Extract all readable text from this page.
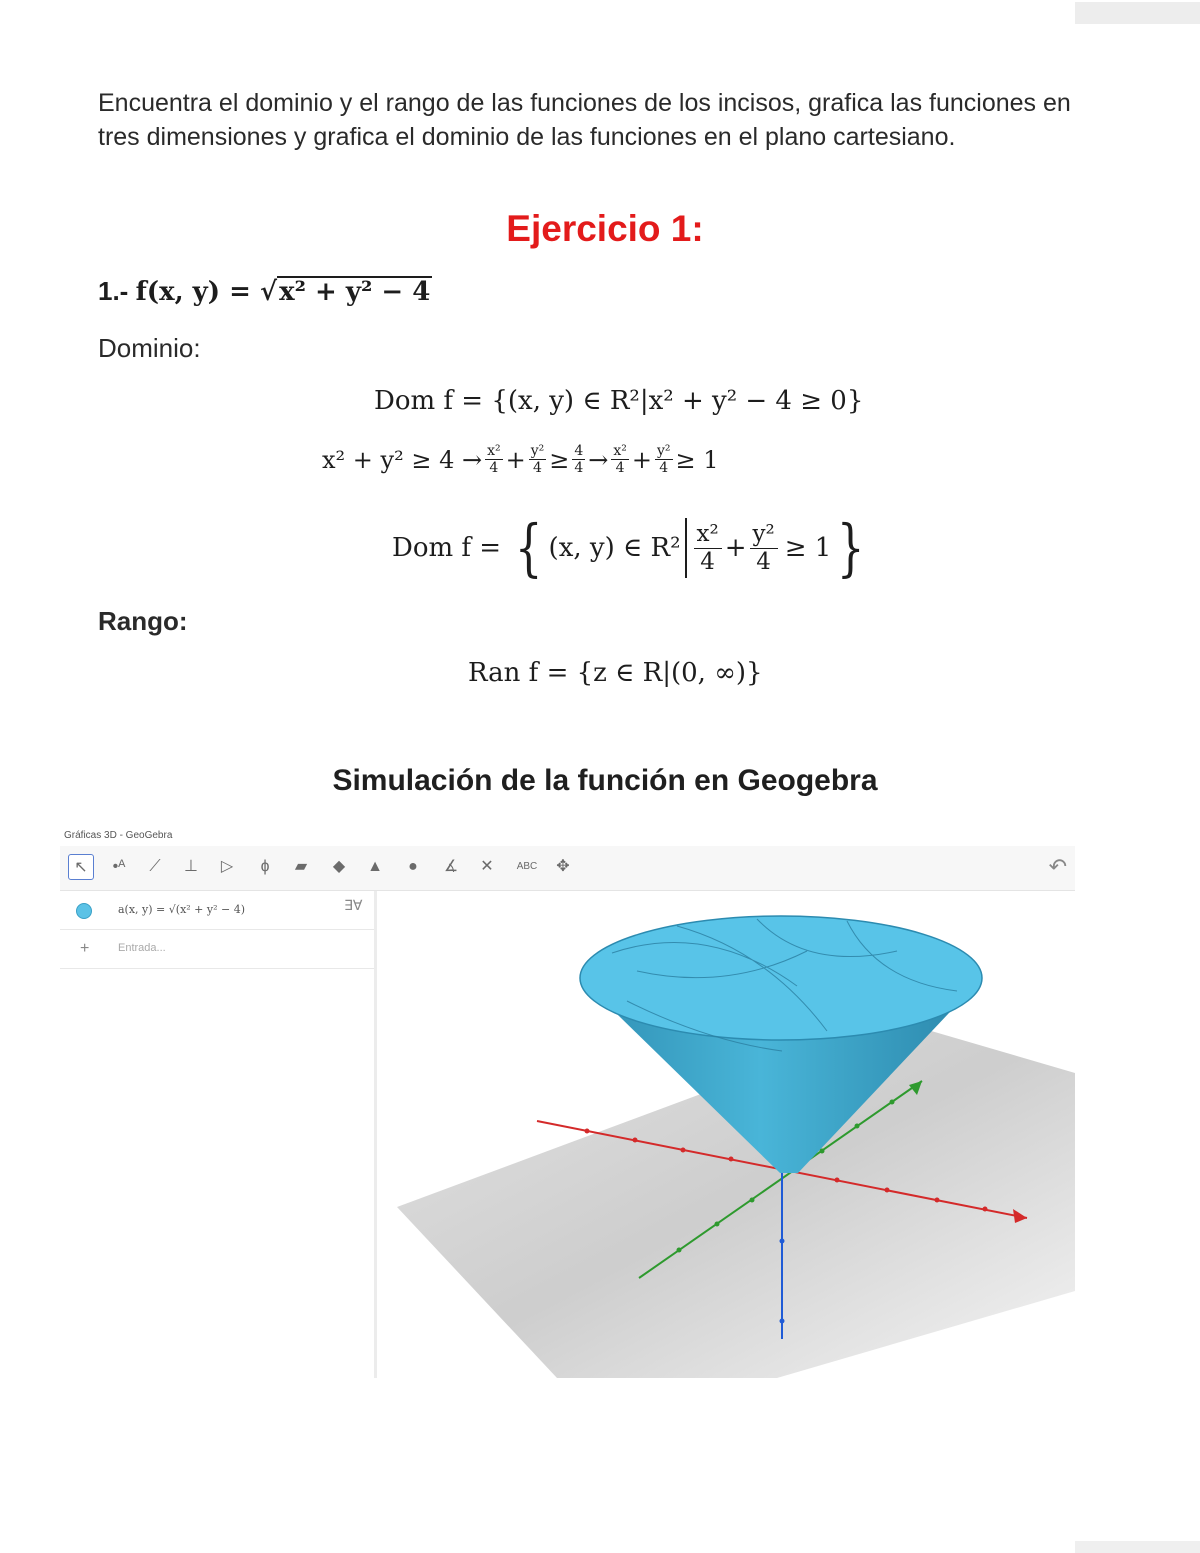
Encuentra el dominio y el rango de las funciones de los incisos, grafica las funciones en tres dimensiones y grafica el dominio de las funciones en el plano cartesiano.
Ejercicio 1:
1.- f(x, y) = √x² + y² − 4
Dominio:
Dom f = {(x, y) ∈ R²|x² + y² − 4 ≥ 0}
$x^2 + y^2 \ge 4 \to \frac{\text{x²}}{4} + \frac{\text{y²}}{4} \ge \frac{4}{4} \to \frac{\text{x²}}{4} + \frac{\text{y²}}{4} \ge 1$
Dom f = { (x, y) ∈ $R^2 \frac{\text{x²}}{4} + \frac{\text{y²}}{4} \ge 1$ }
Rango:
Ran f = {z ∈ R|(0, ∞)}
Simulación de la función en Geogebra
Gráficas 3D - GeoGebra
↖	•ᴬ	⟋	⊥	▷	ɸ	▰	◆	▲	●	∡	✕	ABC	✥	↶
a(x, y) = √(x² + y² − 4)	∃∀
+	Entrada...
